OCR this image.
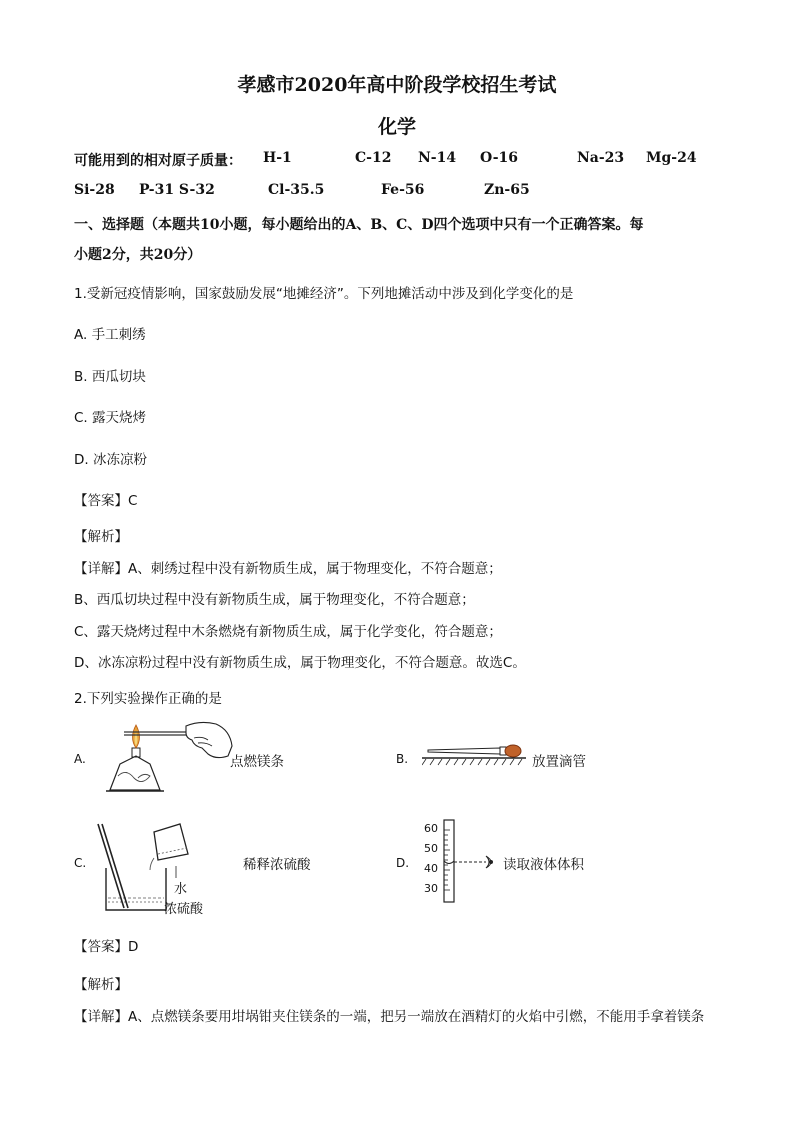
孝感市2020年高中阶段学校招生考试
化学
可能用到的相对原子质量： H-1	C-12 N-14 O-16	Na-23 Mg-24
Si-28 P-31 S-32	Cl-35.5	Fe-56	Zn-65
一、选择题（本题共10小题，每小题给出的A、B、C、D四个选项中只有一个正确答案。每
小题2分，共20分）
1.受新冠疫情影响，国家鼓励发展“地摊经济”。下列地摊活动中涉及到化学变化的是
A. 手工刺绣
B. 西瓜切块
C. 露天烧烤
D. 冰冻凉粉
【答案】C
【解析】
【详解】A、刺绣过程中没有新物质生成，属于物理变化，不符合题意；
B、西瓜切块过程中没有新物质生成，属于物理变化，不符合题意；
C、露天烧烤过程中木条燃烧有新物质生成，属于化学变化，符合题意；
D、冰冻凉粉过程中没有新物质生成，属于物理变化，不符合题意。故选C。
2.下列实验操作正确的是
A.	点燃镁条	B.	放置滴管
C.
水
浓硫酸
稀释浓硫酸	D.
60
50
40
30
读取液体体积
【答案】D
【解析】
【详解】A、点燃镁条要用坩埚钳夹住镁条的一端，把另一端放在酒精灯的火焰中引燃，不能用手拿着镁条
